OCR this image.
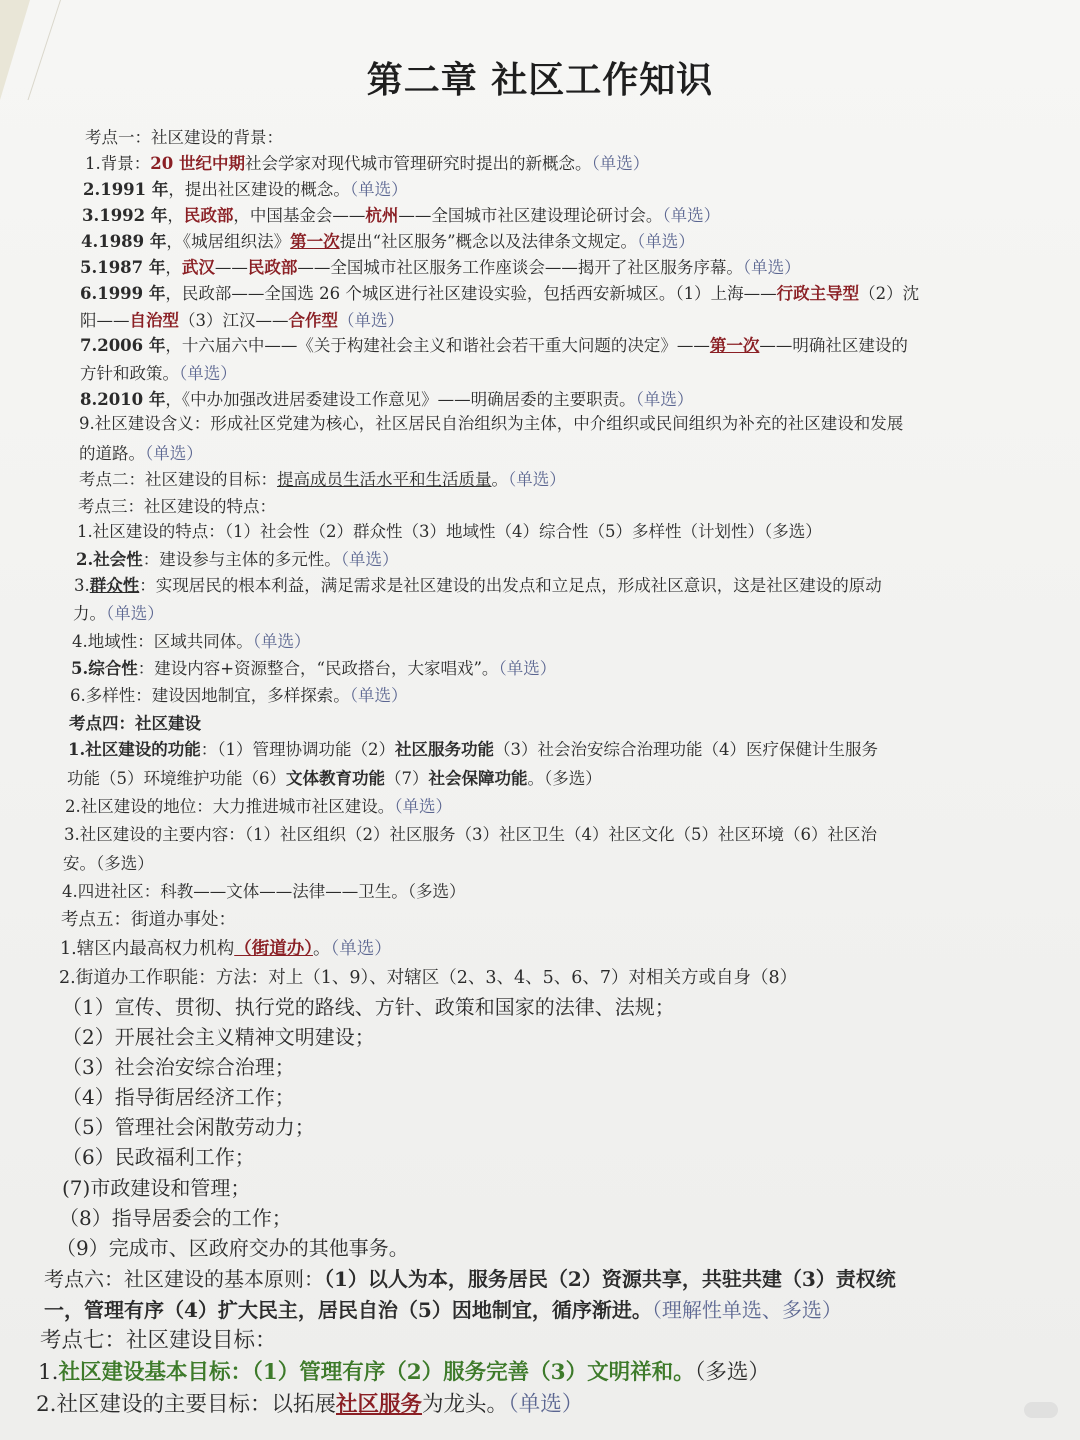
第二章 社区工作知识
考点一：社区建设的背景：
1.背景：20 世纪中期社会学家对现代城市管理研究时提出的新概念。（单选）
2.1991 年，提出社区建设的概念。（单选）
3.1992 年，民政部，中国基金会——杭州——全国城市社区建设理论研讨会。（单选）
4.1989 年，《城居组织法》第一次提出“社区服务”概念以及法律条文规定。（单选）
5.1987 年，武汉——民政部——全国城市社区服务工作座谈会——揭开了社区服务序幕。（单选）
6.1999 年，民政部——全国选 26 个城区进行社区建设实验，包括西安新城区。（1）上海——行政主导型（2）沈
阳——自治型（3）江汉——合作型（单选）
7.2006 年，十六届六中——《关于构建社会主义和谐社会若干重大问题的决定》——第一次——明确社区建设的
方针和政策。（单选）
8.2010 年，《中办加强改进居委建设工作意见》——明确居委的主要职责。（单选）
9.社区建设含义：形成社区党建为核心，社区居民自治组织为主体，中介组织或民间组织为补充的社区建设和发展
的道路。（单选）
考点二：社区建设的目标：提高成员生活水平和生活质量。（单选）
考点三：社区建设的特点：
1.社区建设的特点：（1）社会性（2）群众性（3）地域性（4）综合性（5）多样性（计划性）（多选）
2.社会性：建设参与主体的多元性。（单选）
3.群众性：实现居民的根本利益，满足需求是社区建设的出发点和立足点，形成社区意识，这是社区建设的原动
力。（单选）
4.地域性：区域共同体。（单选）
5.综合性：建设内容+资源整合，“民政搭台，大家唱戏”。（单选）
6.多样性：建设因地制宜，多样探索。（单选）
考点四：社区建设
1.社区建设的功能：（1）管理协调功能（2）社区服务功能（3）社会治安综合治理功能（4）医疗保健计生服务
功能（5）环境维护功能（6）文体教育功能（7）社会保障功能。（多选）
2.社区建设的地位：大力推进城市社区建设。（单选）
3.社区建设的主要内容：（1）社区组织（2）社区服务（3）社区卫生（4）社区文化（5）社区环境（6）社区治
安。（多选）
4.四进社区：科教——文体——法律——卫生。（多选）
考点五：街道办事处：
1.辖区内最高权力机构（街道办）。（单选）
2.街道办工作职能：方法：对上（1、9）、对辖区（2、3、4、5、6、7）对相关方或自身（8）
（1）宣传、贯彻、执行党的路线、方针、政策和国家的法律、法规；
（2）开展社会主义精神文明建设；
（3）社会治安综合治理；
（4）指导街居经济工作；
（5）管理社会闲散劳动力；
（6）民政福利工作；
(7)市政建设和管理；
（8）指导居委会的工作；
（9）完成市、区政府交办的其他事务。
考点六：社区建设的基本原则：（1）以人为本，服务居民（2）资源共享，共驻共建（3）责权统
一，管理有序（4）扩大民主，居民自治（5）因地制宜，循序渐进。（理解性单选、多选）
考点七：社区建设目标：
1.社区建设基本目标：（1）管理有序（2）服务完善（3）文明祥和。（多选）
2.社区建设的主要目标：以拓展社区服务为龙头。（单选）
